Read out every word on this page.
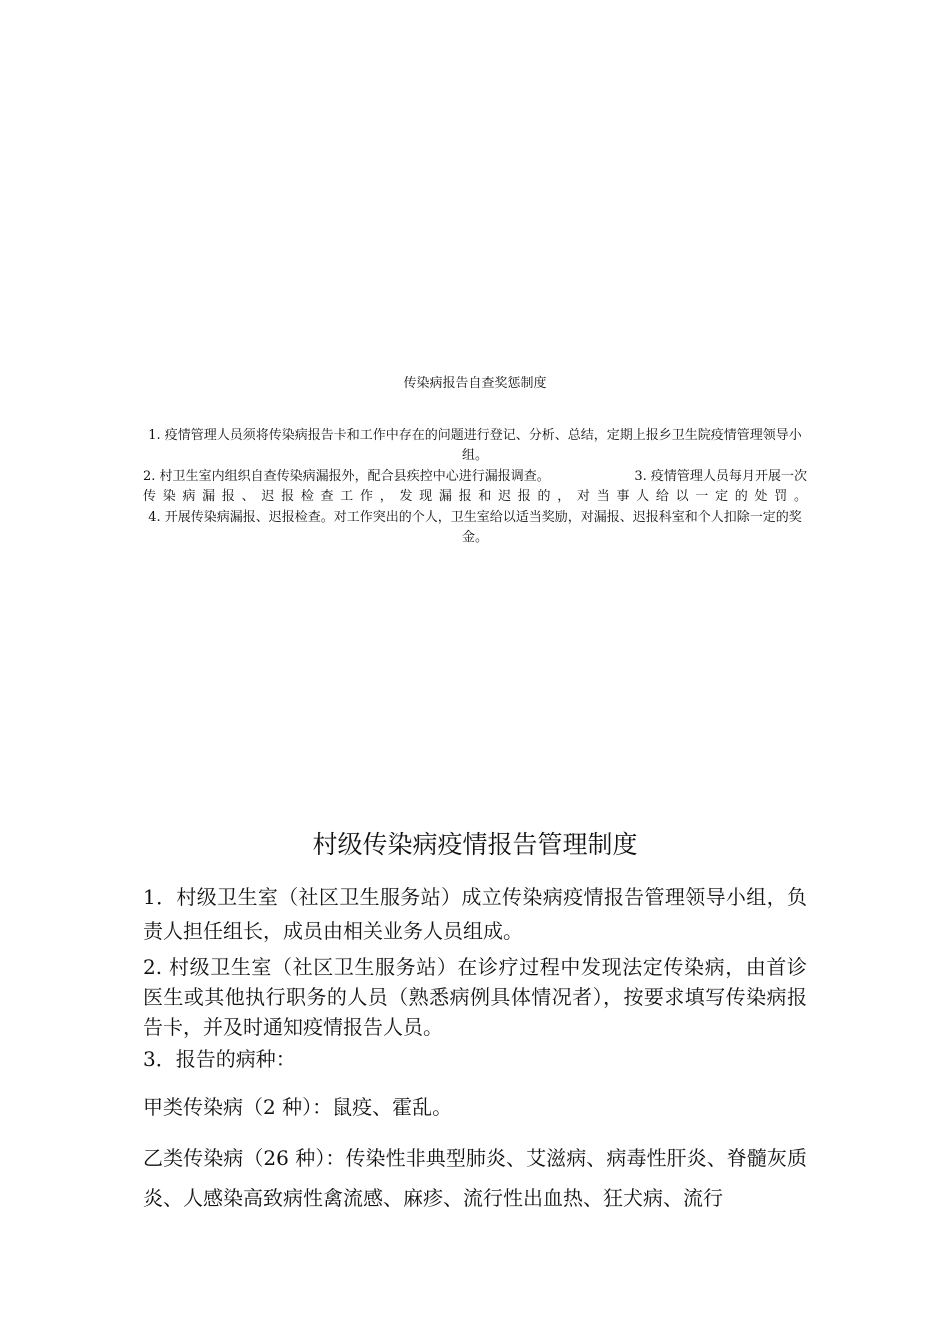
传染病报告自查奖惩制度

1. 疫情管理人员须将传染病报告卡和工作中存在的问题进行登记、分析、总结，定期上报乡卫生院疫情管理领导小组。

2. 村卫生室内组织自查传染病漏报外，配合县疾控中心进行漏报调查。　　　　　　　	3. 疫情管理人员每月开展一次传染病漏报、迟报检查工作，发现漏报和迟报的，对当事人给以一定的处罚。

4. 开展传染病漏报、迟报检查。对工作突出的个人，卫生室给以适当奖励，对漏报、迟报科室和个人扣除一定的奖金。

村级传染病疫情报告管理制度

1．村级卫生室（社区卫生服务站）成立传染病疫情报告管理领导小组，负责人担任组长，成员由相关业务人员组成。

2. 村级卫生室（社区卫生服务站）在诊疗过程中发现法定传染病，由首诊医生或其他执行职务的人员（熟悉病例具体情况者），按要求填写传染病报告卡，并及时通知疫情报告人员。

3．报告的病种：

甲类传染病（2 种）：鼠疫、霍乱。

乙类传染病（26 种）：传染性非典型肺炎、艾滋病、病毒性肝炎、脊髓灰质炎、人感染高致病性禽流感、麻疹、流行性出血热、狂犬病、流行
